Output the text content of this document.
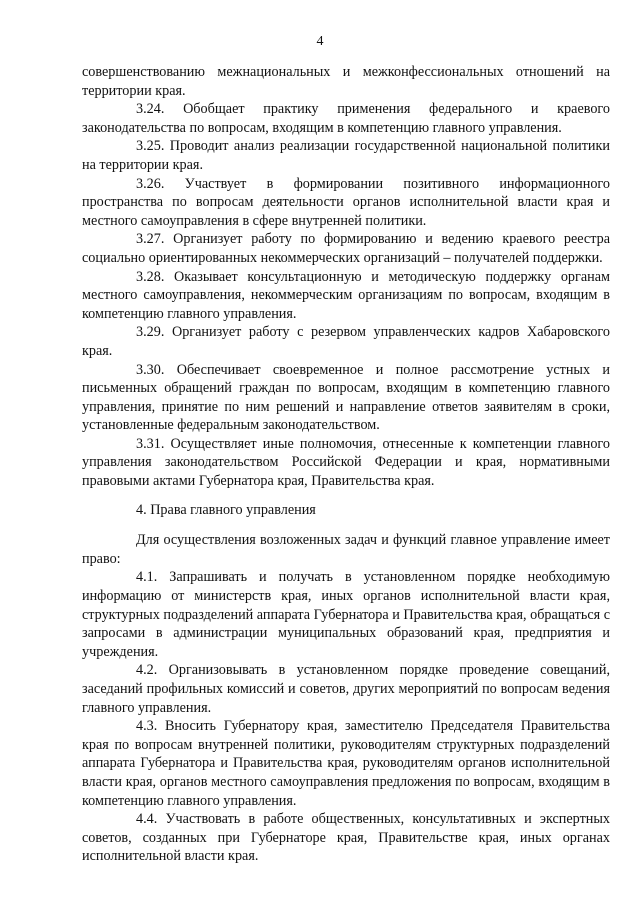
4

совершенствованию межнациональных и межконфессиональных отношений на территории края.

3.24. Обобщает практику применения федерального и краевого законодательства по вопросам, входящим в компетенцию главного управления.

3.25. Проводит анализ реализации государственной национальной политики на территории края.

3.26. Участвует в формировании позитивного информационного пространства по вопросам деятельности органов исполнительной власти края и местного самоуправления в сфере внутренней политики.

3.27. Организует работу по формированию и ведению краевого реестра социально ориентированных некоммерческих организаций – получателей поддержки.

3.28. Оказывает консультационную и методическую поддержку органам местного самоуправления, некоммерческим организациям по вопросам, входящим в компетенцию главного управления.

3.29. Организует работу с резервом управленческих кадров Хабаровского края.

3.30. Обеспечивает своевременное и полное рассмотрение устных и письменных обращений граждан по вопросам, входящим в компетенцию главного управления, принятие по ним решений и направление ответов заявителям в сроки, установленные федеральным законодательством.

3.31. Осуществляет иные полномочия, отнесенные к компетенции главного управления законодательством Российской Федерации и края, нормативными правовыми актами Губернатора края, Правительства края.

4. Права главного управления

Для осуществления возложенных задач и функций главное управление имеет право:

4.1. Запрашивать и получать в установленном порядке необходимую информацию от министерств края, иных органов исполнительной власти края, структурных подразделений аппарата Губернатора и Правительства края, обращаться с запросами в администрации муниципальных образований края, предприятия и учреждения.

4.2. Организовывать в установленном порядке проведение совещаний, заседаний профильных комиссий и советов, других мероприятий по вопросам ведения главного управления.

4.3. Вносить Губернатору края, заместителю Председателя Правительства края по вопросам внутренней политики, руководителям структурных подразделений аппарата Губернатора и Правительства края, руководителям органов исполнительной власти края, органов местного самоуправления предложения по вопросам, входящим в компетенцию главного управления.

4.4. Участвовать в работе общественных, консультативных и экспертных советов, созданных при Губернаторе края, Правительстве края, иных органах исполнительной власти края.
